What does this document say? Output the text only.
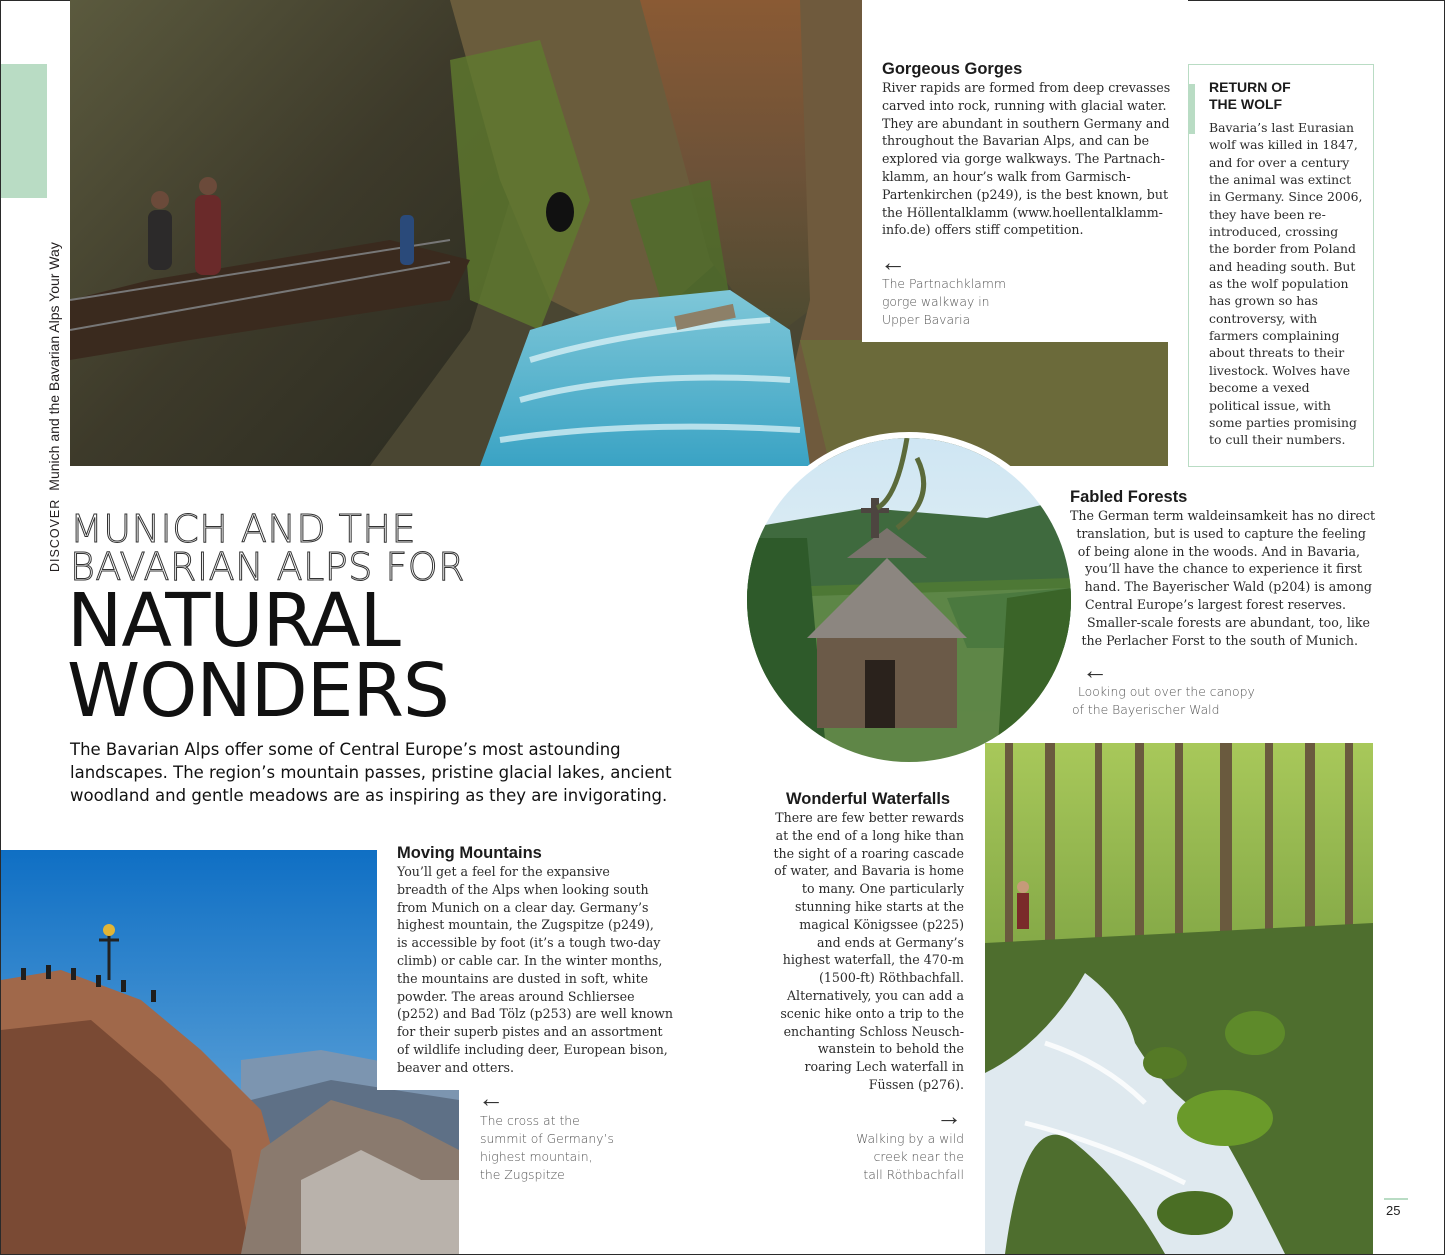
DISCOVERMunich and the Bavarian Alps Your Way
Gorgeous Gorges
River rapids are formed from deep crevasses
carved into rock, running with glacial water.
They are abundant in southern Germany and
throughout the Bavarian Alps, and can be
explored via gorge walkways. The Partnach-
klamm, an hour’s walk from Garmisch-
Partenkirchen (p249), is the best known, but
the Höllentalklamm (www.hoellentalklamm-
info.de) offers stiff competition.
←
The Partnachklamm
gorge walkway in
Upper Bavaria
RETURN OF
THE WOLF
Bavaria’s last Eurasian
wolf was killed in 1847,
and for over a century
the animal was extinct
in Germany. Since 2006,
they have been re-
introduced, crossing
the border from Poland
and heading south. But
as the wolf population
has grown so has
controversy, with
farmers complaining
about threats to their
livestock. Wolves have
become a vexed
political issue, with
some parties promising
to cull their numbers.
Fabled Forests
The German term waldeinsamkeit has no direct
translation, but is used to capture the feeling
of being alone in the woods. And in Bavaria,
you’ll have the chance to experience it first
hand. The Bayerischer Wald (p204) is among
Central Europe’s largest forest reserves.
Smaller-scale forests are abundant, too, like
the Perlacher Forst to the south of Munich.
←
Looking out over the canopy
of the Bayerischer Wald
MUNICH AND THE
BAVARIAN ALPS FOR
NATURAL
WONDERS
The Bavarian Alps offer some of Central Europe’s most astounding landscapes. The region’s mountain passes, pristine glacial lakes, ancient woodland and gentle meadows are as inspiring as they are invigorating.
Moving Mountains
You’ll get a feel for the expansive
breadth of the Alps when looking south
from Munich on a clear day. Germany’s
highest mountain, the Zugspitze (p249),
is accessible by foot (it’s a tough two-day
climb) or cable car. In the winter months,
the mountains are dusted in soft, white
powder. The areas around Schliersee
(p252) and Bad Tölz (p253) are well known
for their superb pistes and an assortment
of wildlife including deer, European bison,
beaver and otters.
←
The cross at the
summit of Germany’s
highest mountain,
the Zugspitze
Wonderful Waterfalls
There are few better rewards
at the end of a long hike than
the sight of a roaring cascade
of water, and Bavaria is home
to many. One particularly
stunning hike starts at the
magical Königssee (p225)
and ends at Germany’s
highest waterfall, the 470-m
(1500-ft) Röthbachfall.
Alternatively, you can add a
scenic hike onto a trip to the
enchanting Schloss Neusch-
wanstein to behold the
roaring Lech waterfall in
Füssen (p276).
→
Walking by a wild
creek near the
tall Röthbachfall
25
